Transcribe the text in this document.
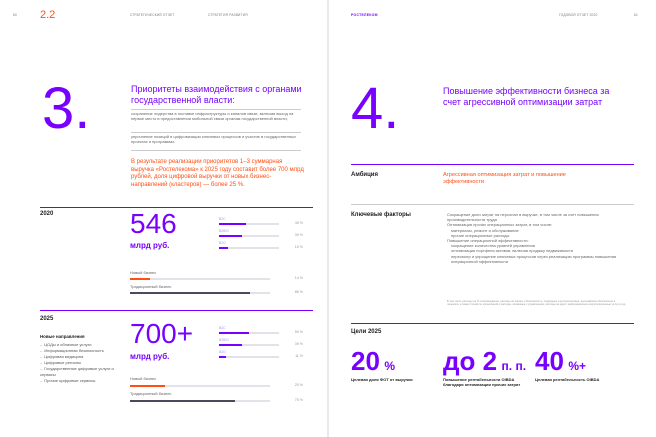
60 2.2	СТРАТЕГИЧЕСКИЙ ОТЧЕТ	СТРАТЕГИЯ РАЗВИТИЯ
3.	Приоритеты взаимодействия с органами государственной власти:
сохранение лидерства в поставке инфраструктуры и каналов связи, включая выход на первое место в предоставлении мобильной связи органам государственной власти;
упрочнение позиций в цифровизации ключевых процессов и участие в государственных проектах и программах.
В результате реализации приоритетов 1–3 суммарная выручка «Ростелекома» к 2025 году составит более 700 млрд рублей, доля цифровой выручки от новых бизнес-направлений (кластеров) — более 25 %.
2020	546
млрд руб.
B2C
45 %
B2B/G
39 %
B2O
15 %
Новый бизнес
14 %
Традиционный бизнес
86 %
2025
Новые направления
– ЦОДы и облачные услуги
– Информационная безопасность
– Цифровая медицина
– Цифровые регионы
– Государственные цифровые услуги и сервисы
– Прочие цифровые сервисы
700+
млрд руб.
B2C
50 %
B2B/G
39 %
B2O
11 %
Новый бизнес
25 %
Традиционный бизнес
75 %
РОСТЕЛЕКОМ	ГОДОВОЙ ОТЧЕТ 2020	61
4.	Повышение эффективности бизнеса за счет агрессивной оптимизации затрат
Амбиция	Агрессивная оптимизация затрат и повышение эффективности
Ключевые факторы	Сокращение доли затрат на персонал в выручке, в том числе за счет повышения производительности труда
Оптимизация прочих операционных затрат, в том числе:
материалы, ремонт и обслуживание
прочие операционные расходы
Повышение операционной эффективности:
сокращение количества уровней управления
оптимизация портфеля активов, включая продажу недвижимости
пересмотр и упрощение ключевых процессов через реализацию программы повышения операционной эффективности
В том числе расходы на IТ-сопровождение, расходы на охрану и безопасность, подрядные и аутсорсинговые, программное обеспечение и лицензии, а также стоимость организаций и расходы, связанные с управлением, расходы на аудит, информационно-консультационные услуги и др.
Цели 2025
20 %
Целевая доля ФОТ от выручки
до 2 п. п.
Повышение рентабельности OIBDA благодаря оптимизации прочих затрат
40 %+
Целевая рентабельность OIBDA
